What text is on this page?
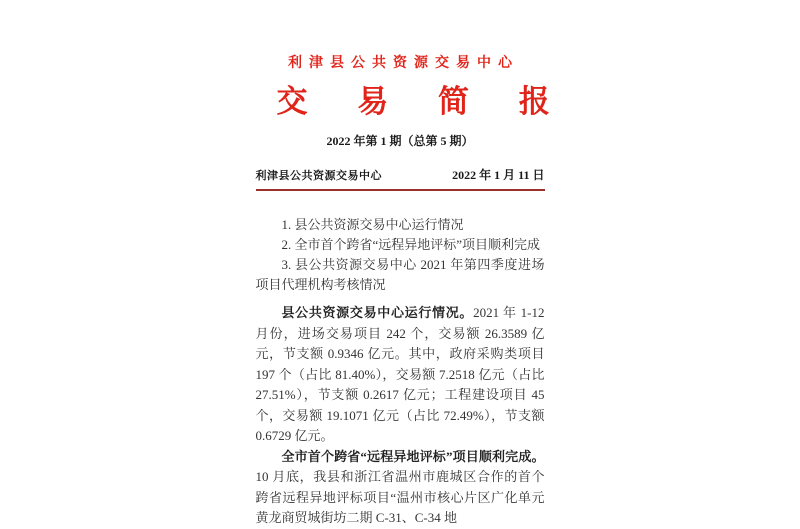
利津县公共资源交易中心
交 易 简 报
2022 年第 1 期（总第 5 期）
利津县公共资源交易中心	2022 年 1 月 11 日

1. 县公共资源交易中心运行情况

2. 全市首个跨省“远程异地评标”项目顺利完成

3. 县公共资源交易中心 2021 年第四季度进场项目代理机构考核情况

县公共资源交易中心运行情况。2021 年 1-12 月份，进场交易项目 242 个，交易额 26.3589 亿元，节支额 0.9346 亿元。其中，政府采购类项目 197 个（占比 81.40%），交易额 7.2518 亿元（占比 27.51%），节支额 0.2617 亿元；工程建设项目 45 个，交易额 19.1071 亿元（占比 72.49%），节支额 0.6729 亿元。

全市首个跨省“远程异地评标”项目顺利完成。10 月底，我县和浙江省温州市鹿城区合作的首个跨省远程异地评标项目“温州市核心片区广化单元黄龙商贸城街坊二期 C-31、C-34 地
